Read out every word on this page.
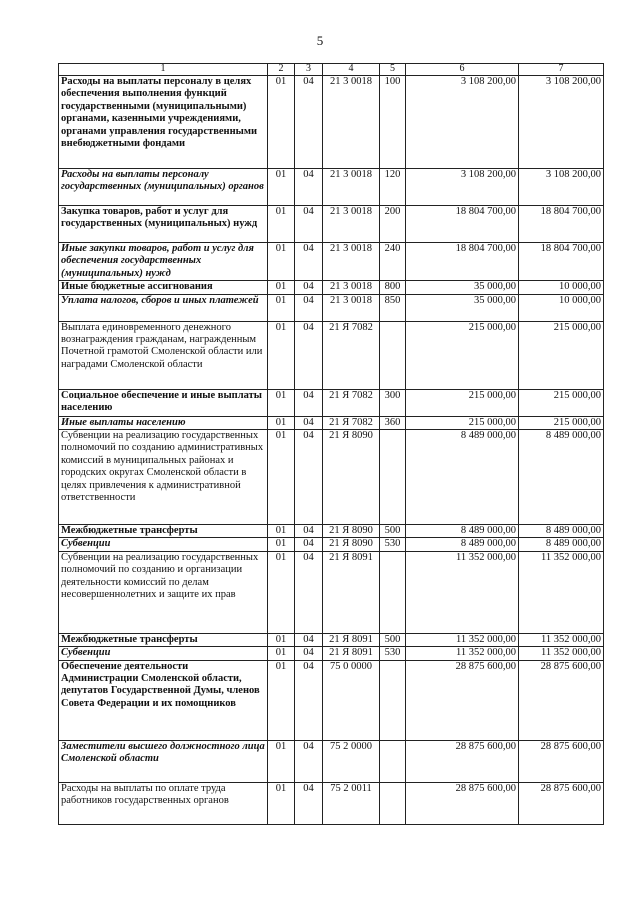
5
1	2	3	4	5	6	7
Расходы на выплаты персоналу в целях обеспечения выполнения функций государственными (муниципальными) органами, казенными учреждениями, органами управления государственными внебюджетными фондами	01	04	21 3 0018	100	3 108 200,00	3 108 200,00
Расходы на выплаты персоналу государственных (муниципальных) органов	01	04	21 3 0018	120	3 108 200,00	3 108 200,00
Закупка товаров, работ и услуг для государственных (муниципальных) нужд	01	04	21 3 0018	200	18 804 700,00	18 804 700,00
Иные закупки товаров, работ и услуг для обеспечения государственных (муниципальных) нужд	01	04	21 3 0018	240	18 804 700,00	18 804 700,00
Иные бюджетные ассигнования	01	04	21 3 0018	800	35 000,00	10 000,00
Уплата налогов, сборов и иных платежей	01	04	21 3 0018	850	35 000,00	10 000,00
Выплата единовременного денежного вознаграждения гражданам, награжденным Почетной грамотой Смоленской области или наградами Смоленской области	01	04	21 Я 7082		215 000,00	215 000,00
Социальное обеспечение и иные выплаты населению	01	04	21 Я 7082	300	215 000,00	215 000,00
Иные выплаты населению	01	04	21 Я 7082	360	215 000,00	215 000,00
Субвенции на реализацию государственных полномочий по созданию административных комиссий в муниципальных районах и городских округах Смоленской области в целях привлечения к административной ответственности	01	04	21 Я 8090		8 489 000,00	8 489 000,00
Межбюджетные трансферты	01	04	21 Я 8090	500	8 489 000,00	8 489 000,00
Субвенции	01	04	21 Я 8090	530	8 489 000,00	8 489 000,00
Субвенции на реализацию государственных полномочий по созданию и организации деятельности комиссий по делам несовершеннолетних и защите их прав	01	04	21 Я 8091		11 352 000,00	11 352 000,00
Межбюджетные трансферты	01	04	21 Я 8091	500	11 352 000,00	11 352 000,00
Субвенции	01	04	21 Я 8091	530	11 352 000,00	11 352 000,00
Обеспечение деятельности Администрации Смоленской области, депутатов Государственной Думы, членов Совета Федерации и их помощников	01	04	75 0 0000		28 875 600,00	28 875 600,00
Заместители высшего должностного лица Смоленской области	01	04	75 2 0000		28 875 600,00	28 875 600,00
Расходы на выплаты по оплате труда работников государственных органов	01	04	75 2 0011		28 875 600,00	28 875 600,00
